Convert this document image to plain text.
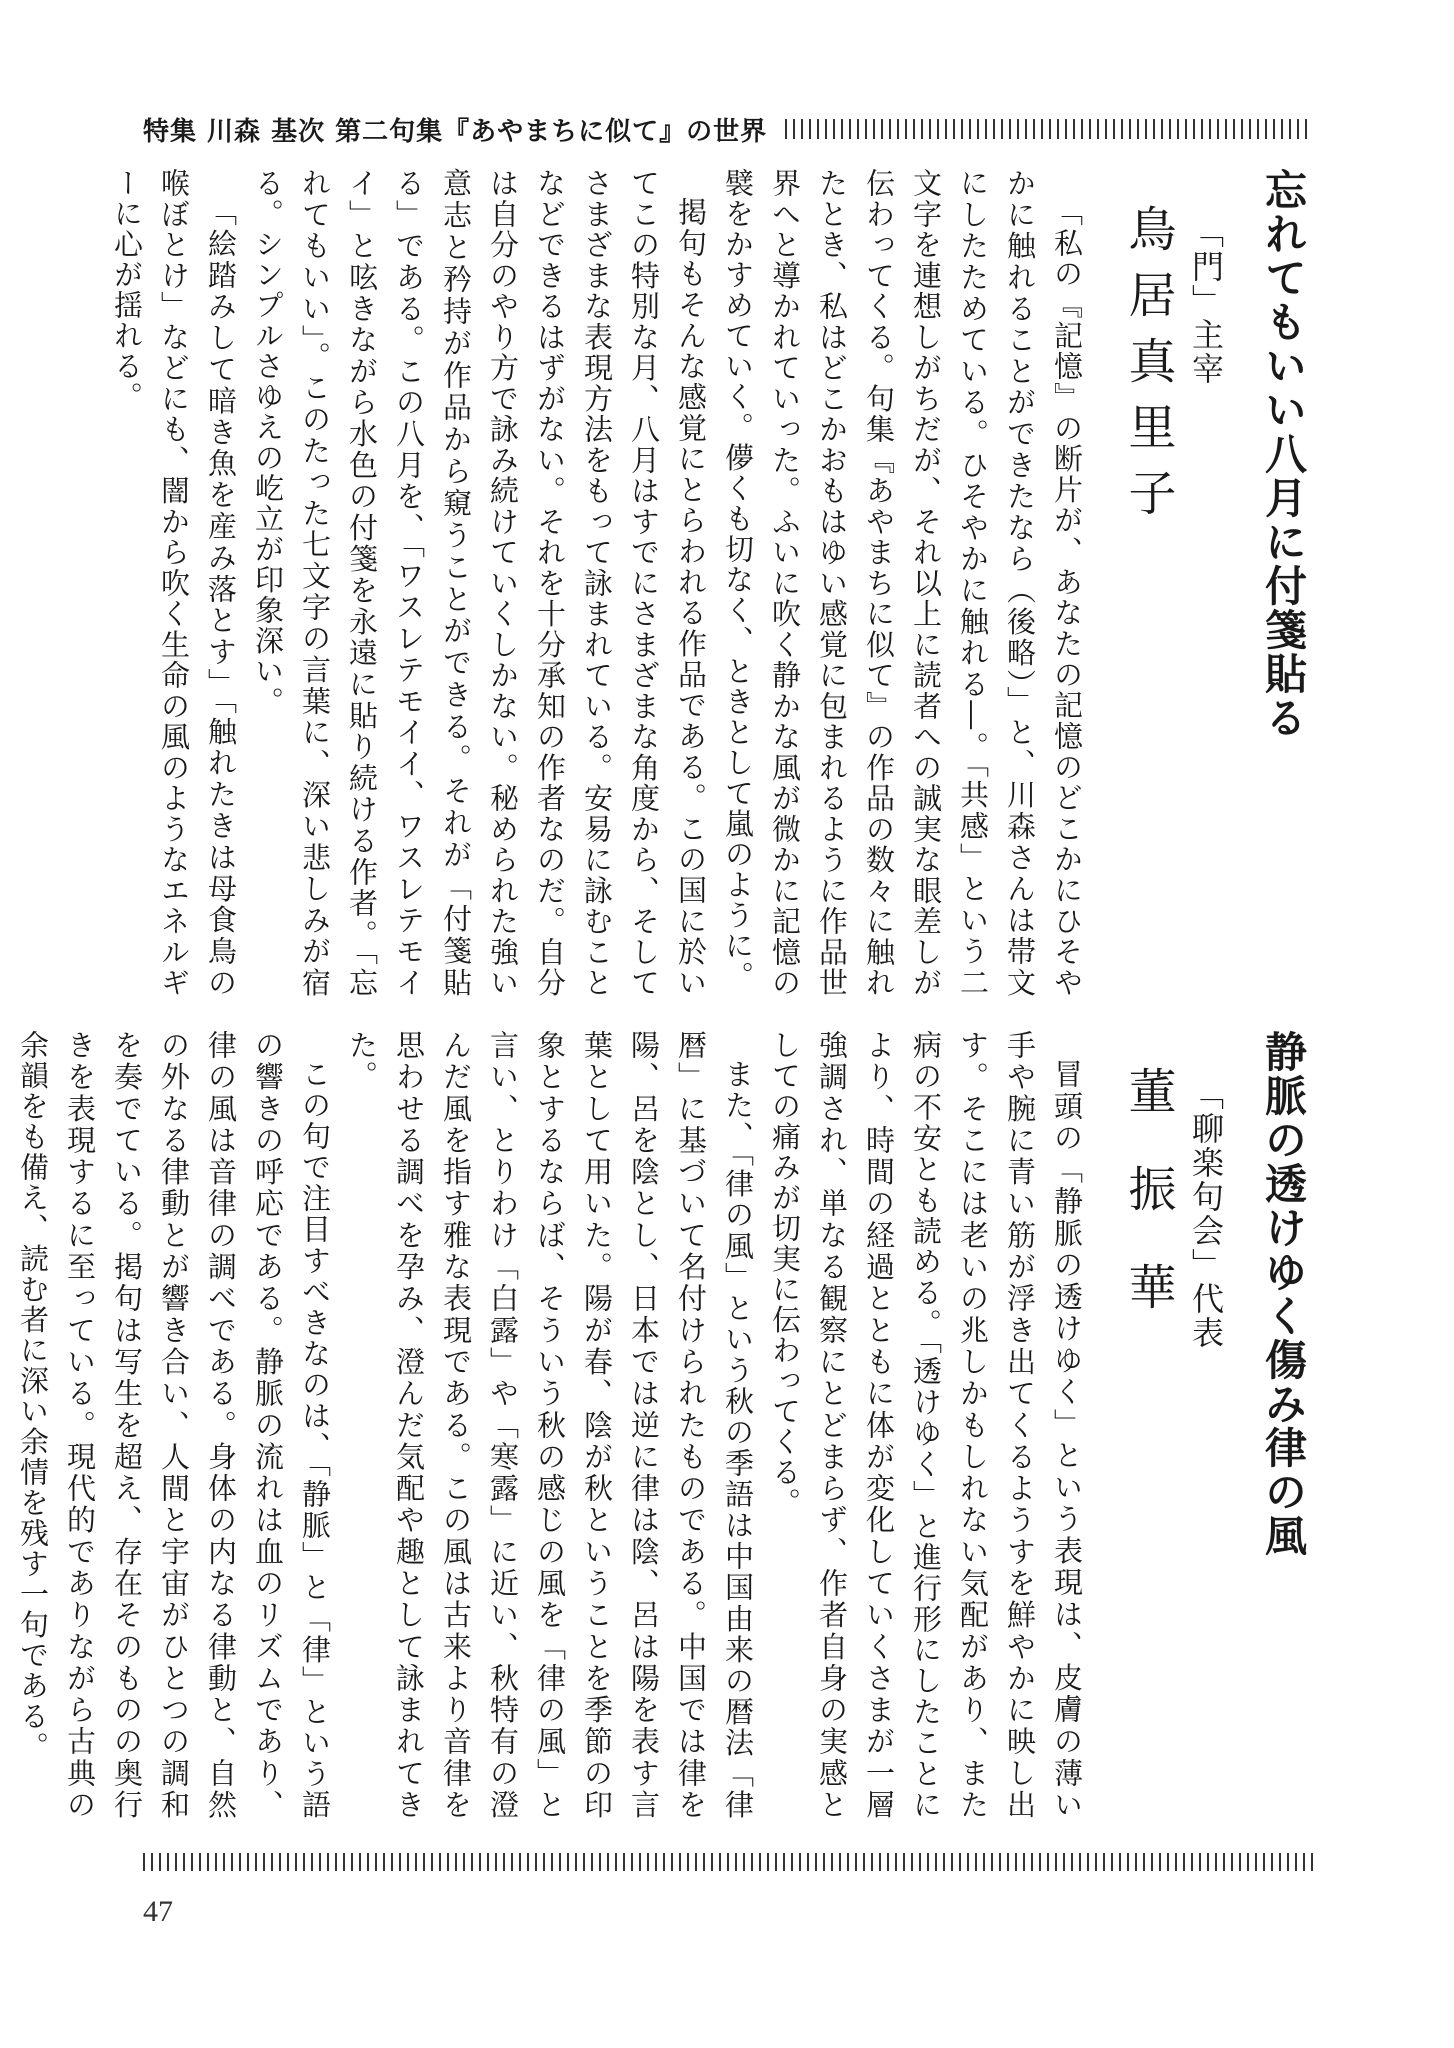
特集 川森 基次 第二句集『あやまちに似て』の世界
忘れてもいい八月に付箋貼る
「門」主宰
鳥居真里子

「私の『記憶』の断片が、あなたの記憶のどこかにひそやかに触れることができたなら（後略）」と、川森さんは帯文にしたためている。ひそやかに触れる―。「共感」という二文字を連想しがちだが、それ以上に読者への誠実な眼差しが伝わってくる。句集『あやまちに似て』の作品の数々に触れたとき、私はどこかおもはゆい感覚に包まれるように作品世界へと導かれていった。ふいに吹く静かな風が微かに記憶の襞をかすめていく。儚くも切なく、ときとして嵐のように。

掲句もそんな感覚にとらわれる作品である。この国に於いてこの特別な月、八月はすでにさまざまな角度から、そしてさまざまな表現方法をもって詠まれている。安易に詠むことなどできるはずがない。それを十分承知の作者なのだ。自分は自分のやり方で詠み続けていくしかない。秘められた強い意志と矜持が作品から窺うことができる。それが「付箋貼る」である。この八月を、「ワスレテモイイ、ワスレテモイイ」と呟きながら水色の付箋を永遠に貼り続ける作者。「忘れてもいい」。このたった七文字の言葉に、深い悲しみが宿る。シンプルさゆえの屹立が印象深い。

「絵踏みして暗き魚を産み落とす」「触れたきは母食鳥の喉ぼとけ」などにも、闇から吹く生命の風のようなエネルギーに心が揺れる。

静脈の透けゆく傷み律の風
「聊楽句会」代表
董振華

冒頭の「静脈の透けゆく」という表現は、皮膚の薄い手や腕に青い筋が浮き出てくるようすを鮮やかに映し出す。そこには老いの兆しかもしれない気配があり、また病の不安とも読める。「透けゆく」と進行形にしたことにより、時間の経過とともに体が変化していくさまが一層強調され、単なる観察にとどまらず、作者自身の実感としての痛みが切実に伝わってくる。

また、「律の風」という秋の季語は中国由来の暦法「律暦」に基づいて名付けられたものである。中国では律を陽、呂を陰とし、日本では逆に律は陰、呂は陽を表す言葉として用いた。陽が春、陰が秋ということを季節の印象とするならば、そういう秋の感じの風を「律の風」と言い、とりわけ「白露」や「寒露」に近い、秋特有の澄んだ風を指す雅な表現である。この風は古来より音律を思わせる調べを孕み、澄んだ気配や趣として詠まれてきた。

この句で注目すべきなのは、「静脈」と「律」という語の響きの呼応である。静脈の流れは血のリズムであり、律の風は音律の調べである。身体の内なる律動と、自然の外なる律動とが響き合い、人間と宇宙がひとつの調和を奏でている。掲句は写生を超え、存在そのものの奥行きを表現するに至っている。現代的でありながら古典の余韻をも備え、読む者に深い余情を残す一句である。

47
